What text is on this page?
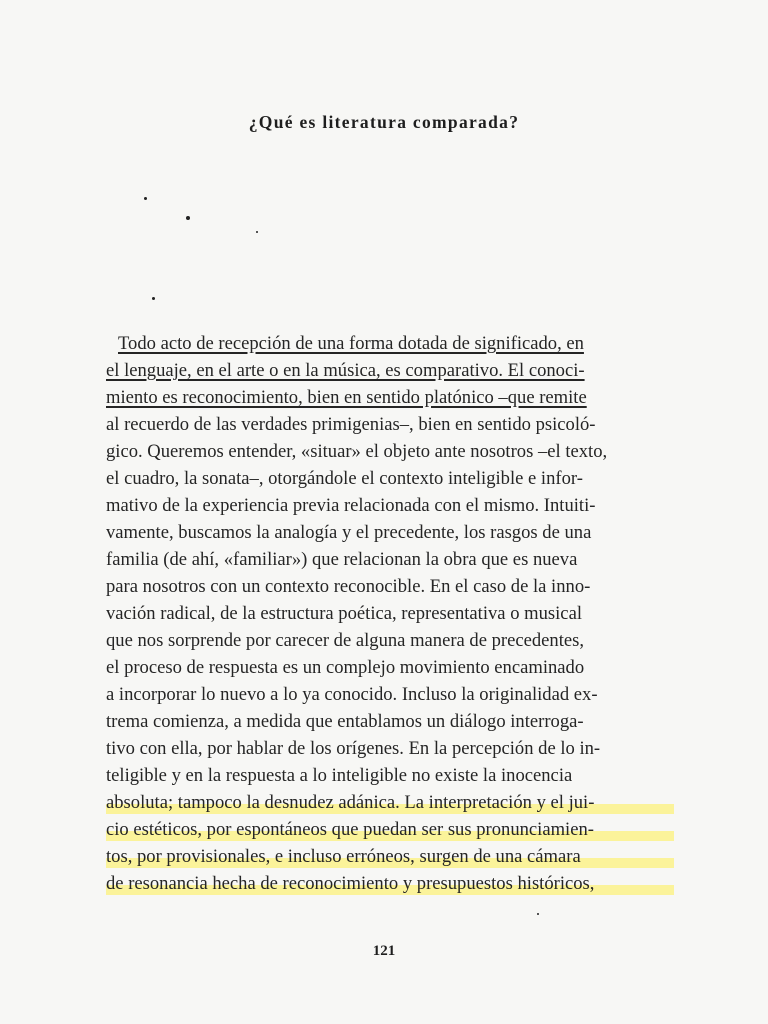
¿Qué es literatura comparada?
Todo acto de recepción de una forma dotada de significado, en
el lenguaje, en el arte o en la música, es comparativo. El conoci-
miento es reconocimiento, bien en sentido platónico –que remite
al recuerdo de las verdades primigenias–, bien en sentido psicoló-
gico. Queremos entender, «situar» el objeto ante nosotros –el texto,
el cuadro, la sonata–, otorgándole el contexto inteligible e infor-
mativo de la experiencia previa relacionada con el mismo. Intuiti-
vamente, buscamos la analogía y el precedente, los rasgos de una
familia (de ahí, «familiar») que relacionan la obra que es nueva
para nosotros con un contexto reconocible. En el caso de la inno-
vación radical, de la estructura poética, representativa o musical
que nos sorprende por carecer de alguna manera de precedentes,
el proceso de respuesta es un complejo movimiento encaminado
a incorporar lo nuevo a lo ya conocido. Incluso la originalidad ex-
trema comienza, a medida que entablamos un diálogo interroga-
tivo con ella, por hablar de los orígenes. En la percepción de lo in-
teligible y en la respuesta a lo inteligible no existe la inocencia
absoluta; tampoco la desnudez adánica. La interpretación y el jui-
cio estéticos, por espontáneos que puedan ser sus pronunciamien-
tos, por provisionales, e incluso erróneos, surgen de una cámara
de resonancia hecha de reconocimiento y presupuestos históricos,
121
